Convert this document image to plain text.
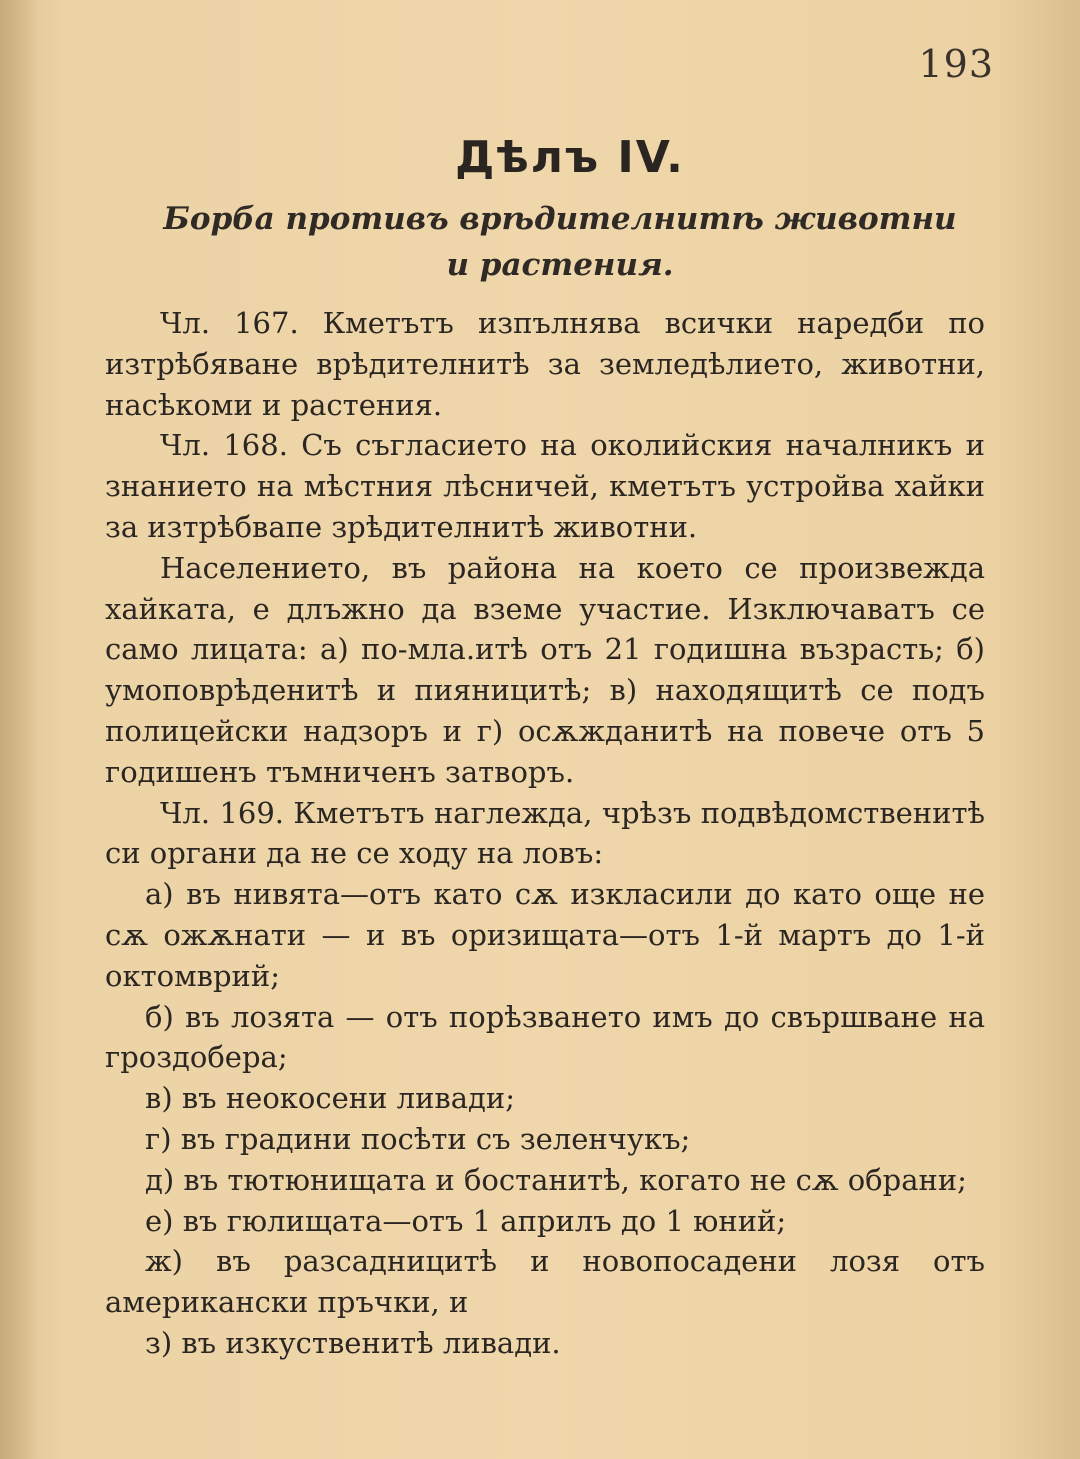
193
Дѣлъ IV.
Борба противъ врѣдителнитѣ животни
и растения.

Чл. 167. Кметътъ изпълнява всички наредби по изтрѣбяване врѣдителнитѣ за земледѣлието, животни, насѣкоми и растения.

Чл. 168. Съ съгласието на околийския началникъ и знанието на мѣстния лѣсничей, кметътъ устройва хайки за изтрѣбвапе зрѣдителнитѣ животни.

Населението, въ района на което се произвежда хайката, е длъжно да вземе участие. Изключаватъ се само лицата: а) по-мла.итѣ отъ 21 годишна възрасть; б) умоповрѣденитѣ и пияницитѣ; в) находящитѣ се подъ полицейски надзоръ и г) осѫжданитѣ на повече отъ 5 годишенъ тъмниченъ затворъ.

Чл. 169. Кметътъ наглежда, чрѣзъ подвѣдомственитѣ си органи да не се ходу на ловъ:

а) въ нивята—отъ като сѫ изкласили до като още не сѫ ожѫнати — и въ оризищата—отъ 1-й мартъ до 1-й октомврий;

б) въ лозята — отъ порѣзването имъ до свършване на гроздобера;

в) въ неокосени ливади;

г) въ градини посѣти съ зеленчукъ;

д) въ тютюнищата и бостанитѣ, когато не сѫ обрани;

е) въ гюлищата—отъ 1 априлъ до 1 юний;

ж) въ разсадницитѣ и новопосадени лозя отъ американски пръчки, и

з) въ изкуственитѣ ливади.
